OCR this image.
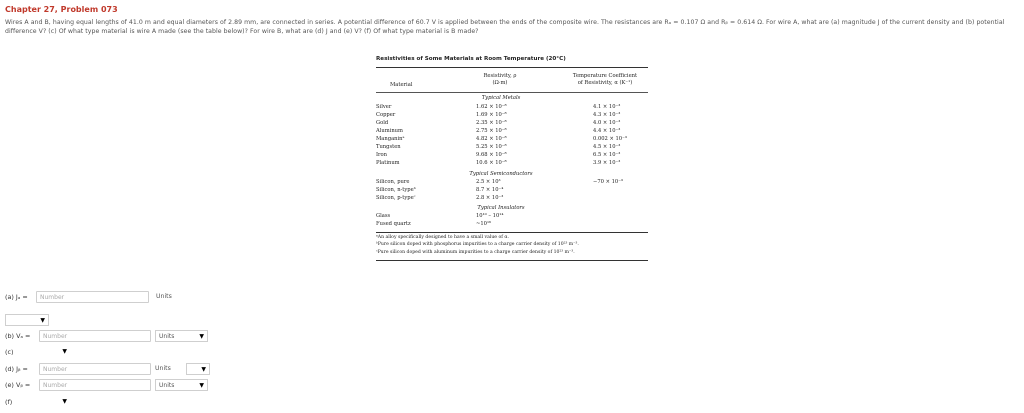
Chapter 27, Problem 073
Wires A and B, having equal lengths of 41.0 m and equal diameters of 2.89 mm, are connected in series. A potential difference of 60.7 V is applied between the ends of the composite wire. The resistances are Rₐ = 0.107 Ω and Rᵦ = 0.614 Ω. For wire A, what are (a) magnitude J of the current density and (b) potential difference V? (c) Of what type material is wire A made (see the table below)? For wire B, what are (d) J and (e) V? (f) Of what type material is B made?
Resistivities of Some Materials at Room Temperature (20°C)
Material
Resistivity, ρ
(Ω·m)
Temperature Coefficient
of Resistivity, α (K⁻¹)
Typical Metals
Silver	1.62 × 10⁻⁸	4.1 × 10⁻³
Copper	1.69 × 10⁻⁸	4.3 × 10⁻³
Gold	2.35 × 10⁻⁸	4.0 × 10⁻³
Aluminum	2.75 × 10⁻⁸	4.4 × 10⁻³
Manganinᵃ	4.82 × 10⁻⁸	0.002 × 10⁻³
Tungsten	5.25 × 10⁻⁸	4.5 × 10⁻³
Iron	9.68 × 10⁻⁸	6.5 × 10⁻³
Platinum	10.6 × 10⁻⁸	3.9 × 10⁻³
Typical Semiconductors
Silicon, pure	2.5 × 10³	−70 × 10⁻³
Silicon, n-typeᵇ	8.7 × 10⁻⁴
Silicon, p-typeᶜ	2.8 × 10⁻³
Typical Insulators
Glass	10¹⁰ – 10¹⁴
Fused quartz	~10¹⁶
ᵃAn alloy specifically designed to have a small value of α.
ᵇPure silicon doped with phosphorus impurities to a charge carrier density of 10²³ m⁻³.
ᶜPure silicon doped with aluminum impurities to a charge carrier density of 10²³ m⁻³.
(a) Jₐ =
Number	Units
▼
(b) Vₐ =
Number	Units	▼
(c)	▼
(d) Jᵦ =
Number	Units	▼
(e) Vᵦ =
Number	Units	▼
(f)	▼
